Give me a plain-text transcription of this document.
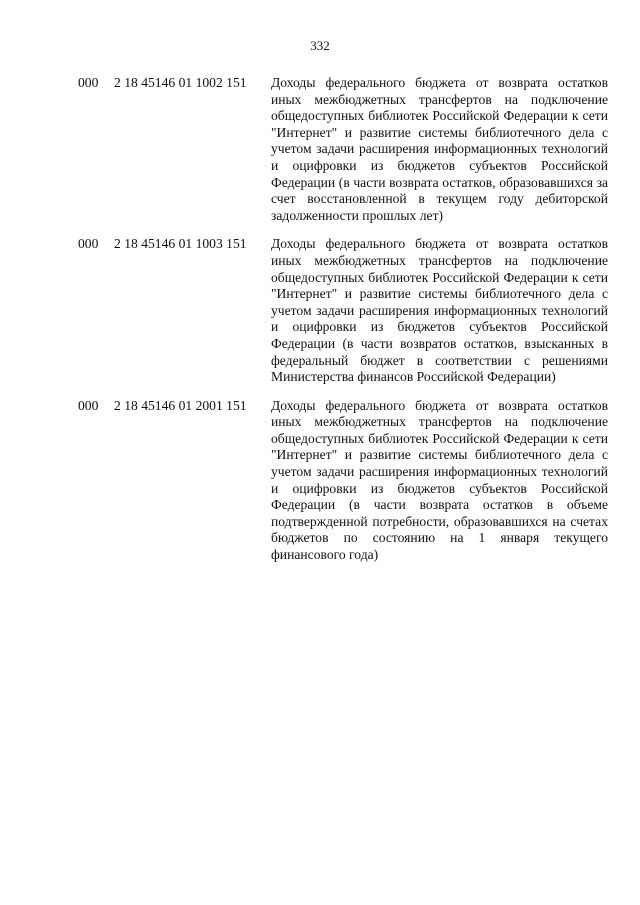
332
000	2 18 45146 01 1002 151	Доходы федерального бюджета от возврата остатков иных межбюджетных трансфертов на подключение общедоступных библиотек Российской Федерации к сети "Интернет" и развитие системы библиотечного дела с учетом задачи расширения информационных технологий и оцифровки из бюджетов субъектов Российской Федерации (в части возврата остатков, образовавшихся за счет восстановленной в текущем году дебиторской задолженности прошлых лет)
000	2 18 45146 01 1003 151	Доходы федерального бюджета от возврата остатков иных межбюджетных трансфертов на подключение общедоступных библиотек Российской Федерации к сети "Интернет" и развитие системы библиотечного дела с учетом задачи расширения информационных технологий и оцифровки из бюджетов субъектов Российской Федерации (в части возвратов остатков, взысканных в федеральный бюджет в соответствии с решениями Министерства финансов Российской Федерации)
000	2 18 45146 01 2001 151	Доходы федерального бюджета от возврата остатков иных межбюджетных трансфертов на подключение общедоступных библиотек Российской Федерации к сети "Интернет" и развитие системы библиотечного дела с учетом задачи расширения информационных технологий и оцифровки из бюджетов субъектов Российской Федерации (в части возврата остатков в объеме подтвержденной потребности, образовавшихся на счетах бюджетов по состоянию на 1 января текущего финансового года)
